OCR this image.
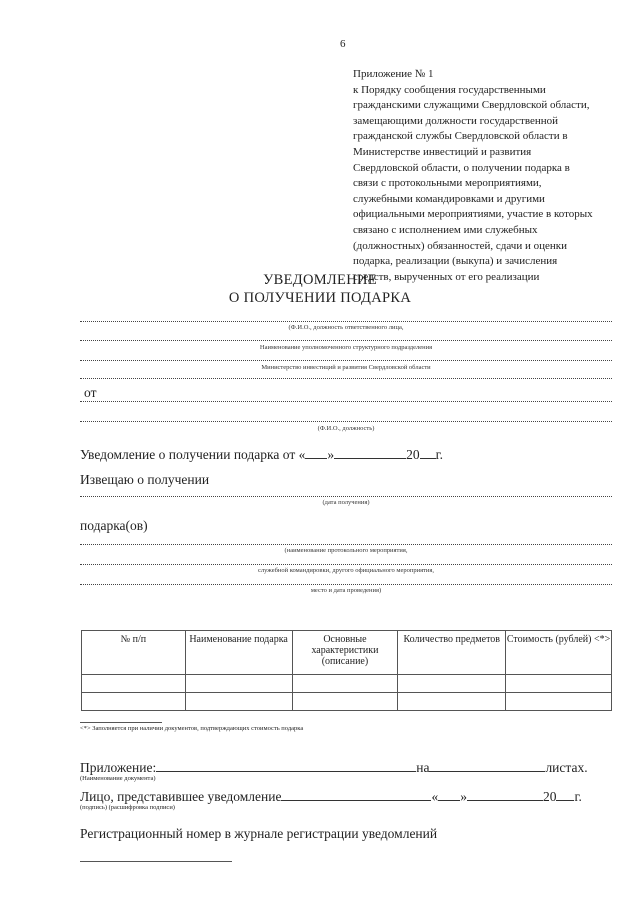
6
Приложение № 1
к Порядку сообщения государственными
гражданскими служащими Свердловской области,
замещающими должности государственной
гражданской службы Свердловской области в
Министерстве инвестиций и развития
Свердловской области, о получении подарка в
связи с протокольными мероприятиями,
служебными командировками и другими
официальными мероприятиями, участие в которых
связано с исполнением ими служебных
(должностных) обязанностей, сдачи и оценки
подарка, реализации (выкупа) и зачисления
средств, вырученных от его реализации
УВЕДОМЛЕНИЕ
О ПОЛУЧЕНИИ ПОДАРКА
(Ф.И.О., должность ответственного лица,
Наименование уполномоченного структурного подразделения
Министерство инвестиций и развития Свердловской области
от
(Ф.И.О., должность)
Уведомление о получении подарка от « »	20 г.
Извещаю о получении
(дата получения)
подарка(ов)
(наименование протокольного мероприятия,
служебной командировки, другого официального мероприятия,
место и дата проведения)
№ п/п	Наименование подарка	Основные характеристики (описание)	Количество предметов	Стоимость (рублей) <*>

<*> Заполняется при наличии документов, подтверждающих стоимость подарка
Приложение:	на	листах.
(Наименование документа)
Лицо, представившее уведомление	« »	20 г.
(подпись) (расшифровка подписи)
Регистрационный номер в журнале регистрации уведомлений
